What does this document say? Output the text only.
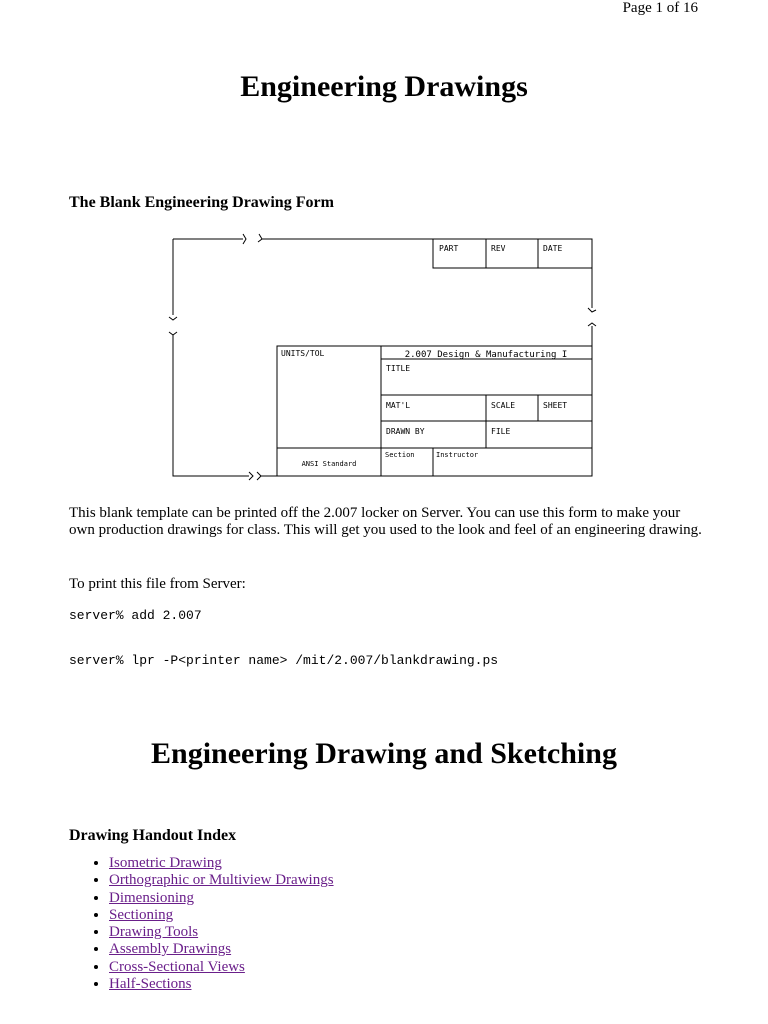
Page 1 of 16
Engineering Drawings
The Blank Engineering Drawing Form
PART	REV	DATE
UNITS/TOL	2.007 Design & Manufacturing I
TITLE
MAT'L	SCALE	SHEET
DRAWN BY	FILE
ANSI Standard
Section	Instructor

This blank template can be printed off the 2.007 locker on Server. You can use this form to make your own production drawings for class. This will get you used to the look and feel of an engineering drawing.

To print this file from Server:

server% add 2.007
server% lpr -P<printer name> /mit/2.007/blankdrawing.ps
Engineering Drawing and Sketching
Drawing Handout Index
• Isometric Drawing
• Orthographic or Multiview Drawings
• Dimensioning
• Sectioning
• Drawing Tools
• Assembly Drawings
• Cross-Sectional Views
• Half-Sections
